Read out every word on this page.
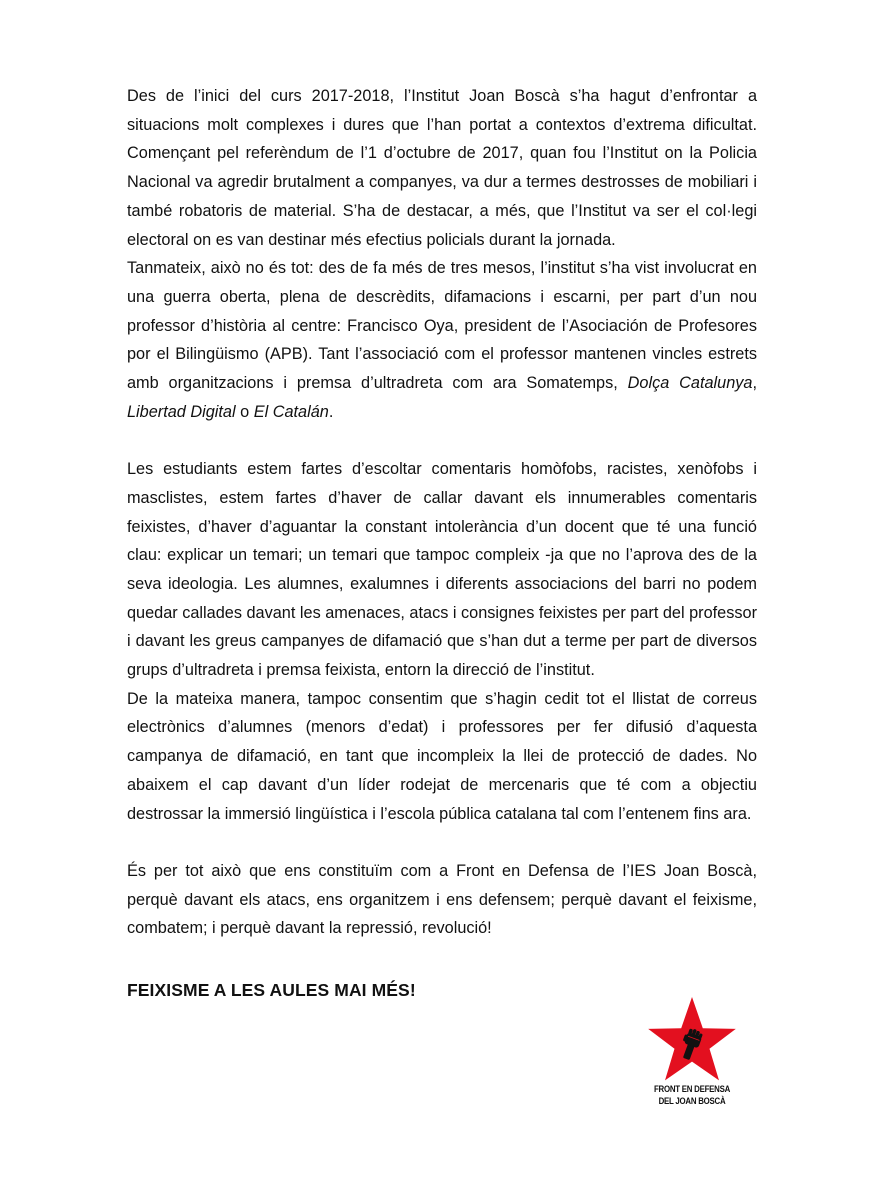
Des de l’inici del curs 2017-2018, l’Institut Joan Boscà s’ha hagut d’enfrontar a situacions molt complexes i dures que l’han portat a contextos d’extrema dificultat. Començant pel referèndum de l’1 d’octubre de 2017, quan fou l’Institut on la Policia Nacional va agredir brutalment a companyes, va dur a termes destrosses de mobiliari i també robatoris de material. S’ha de destacar, a més, que l’Institut va ser el col·legi electoral on es van destinar més efectius policials durant la jornada.

Tanmateix, això no és tot: des de fa més de tres mesos, l’institut s’ha vist involucrat en una guerra oberta, plena de descrèdits, difamacions i escarni, per part d’un nou professor d’història al centre: Francisco Oya, president de l’Asociación de Profesores por el Bilingüismo (APB). Tant l’associació com el professor mantenen vincles estrets amb organitzacions i premsa d’ultradreta com ara Somatemps, Dolça Catalunya, Libertad Digital o El Catalán.

Les estudiants estem fartes d’escoltar comentaris homòfobs, racistes, xenòfobs i masclistes, estem fartes d’haver de callar davant els innumerables comentaris feixistes, d’haver d’aguantar la constant intolerància d’un docent que té una funció clau: explicar un temari; un temari que tampoc compleix -ja que no l’aprova des de la seva ideologia. Les alumnes, exalumnes i diferents associacions del barri no podem quedar callades davant les amenaces, atacs i consignes feixistes per part del professor i davant les greus campanyes de difamació que s’han dut a terme per part de diversos grups d’ultradreta i premsa feixista, entorn la direcció de l’institut.

De la mateixa manera, tampoc consentim que s’hagin cedit tot el llistat de correus electrònics d’alumnes (menors d’edat) i professores per fer difusió d’aquesta campanya de difamació, en tant que incompleix la llei de protecció de dades. No abaixem el cap davant d’un líder rodejat de mercenaris que té com a objectiu destrossar la immersió lingüística i l’escola pública catalana tal com l’entenem fins ara.

És per tot això que ens constituïm com a Front en Defensa de l’IES Joan Boscà, perquè davant els atacs, ens organitzem i ens defensem; perquè davant el feixisme, combatem; i perquè davant la repressió, revolució!

FEIXISME A LES AULES MAI MÉS!

FRONT EN DEFENSA
DEL JOAN BOSCÀ
